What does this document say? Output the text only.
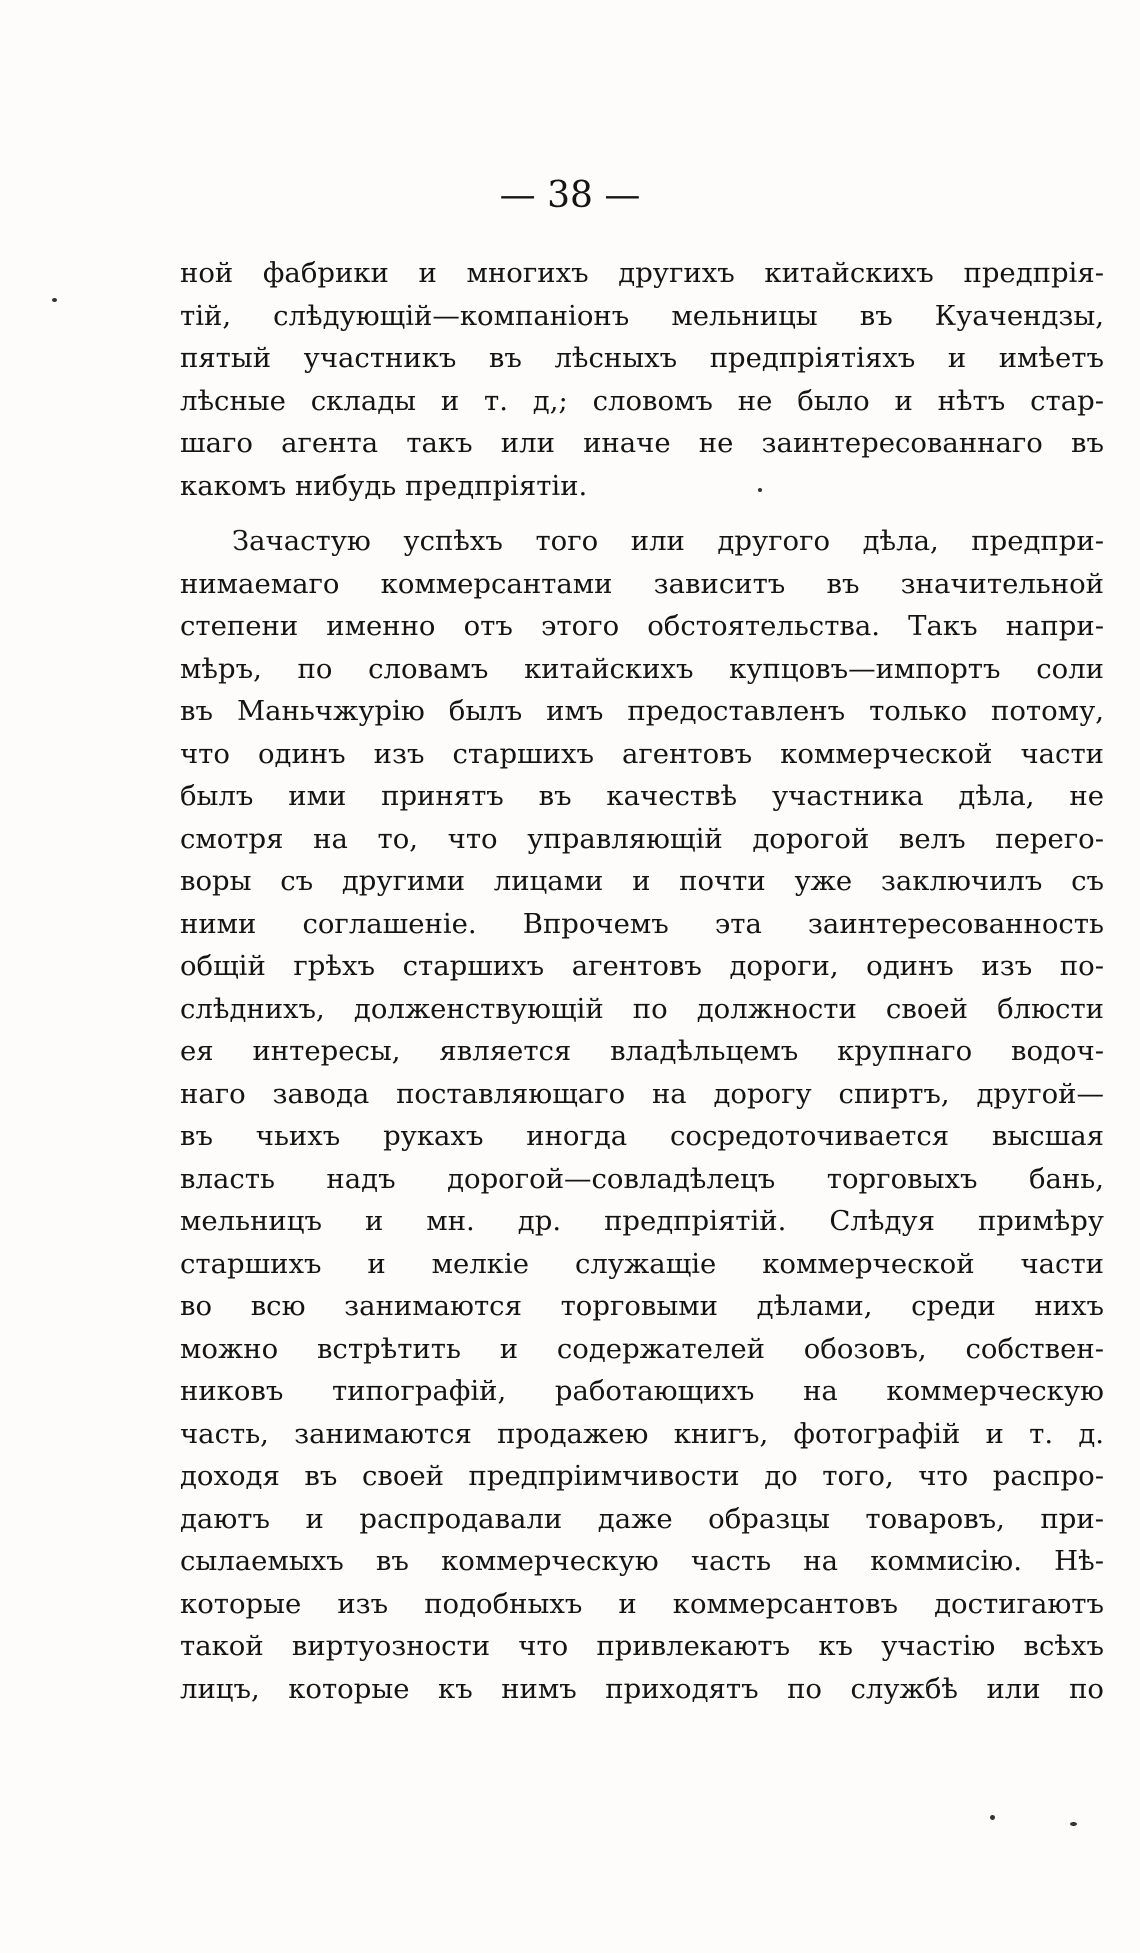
— 38 —
ной фабрики и многихъ другихъ китайскихъ предпрія-
тій, слѣдующій—компаніонъ мельницы въ Куачендзы,
пятый участникъ въ лѣсныхъ предпріятіяхъ и имѣетъ
лѣсные склады и т. д,; словомъ не было и нѣтъ стар-
шаго агента такъ или иначе не заинтересованнаго въ
какомъ нибудь предпріятіи.
Зачастую успѣхъ того или другого дѣла, предпри-
нимаемаго коммерсантами зависитъ въ значительной
степени именно отъ этого обстоятельства. Такъ напри-
мѣръ, по словамъ китайскихъ купцовъ—импортъ соли
въ Маньчжурію былъ имъ предоставленъ только потому,
что одинъ изъ старшихъ агентовъ коммерческой части
былъ ими принятъ въ качествѣ участника дѣла, не
смотря на то, что управляющій дорогой велъ перего-
воры съ другими лицами и почти уже заключилъ съ
ними соглашеніе. Впрочемъ эта заинтересованность
общій грѣхъ старшихъ агентовъ дороги, одинъ изъ по-
слѣднихъ, долженствующій по должности своей блюсти
ея интересы, является владѣльцемъ крупнаго водоч-
наго завода поставляющаго на дорогу спиртъ, другой—
въ чьихъ рукахъ иногда сосредоточивается высшая
власть надъ дорогой—совладѣлецъ торговыхъ бань,
мельницъ и мн. др. предпріятій. Слѣдуя примѣру
старшихъ и мелкіе служащіе коммерческой части
во всю занимаются торговыми дѣлами, среди нихъ
можно встрѣтить и содержателей обозовъ, собствен-
никовъ типографій, работающихъ на коммерческую
часть, занимаются продажею книгъ, фотографій и т. д.
доходя въ своей предпріимчивости до того, что распро-
даютъ и распродавали даже образцы товаровъ, при-
сылаемыхъ въ коммерческую часть на коммисію. Нѣ-
которые изъ подобныхъ и коммерсантовъ достигаютъ
такой виртуозности что привлекаютъ къ участію всѣхъ
лицъ, которые къ нимъ приходятъ по службѣ или по
